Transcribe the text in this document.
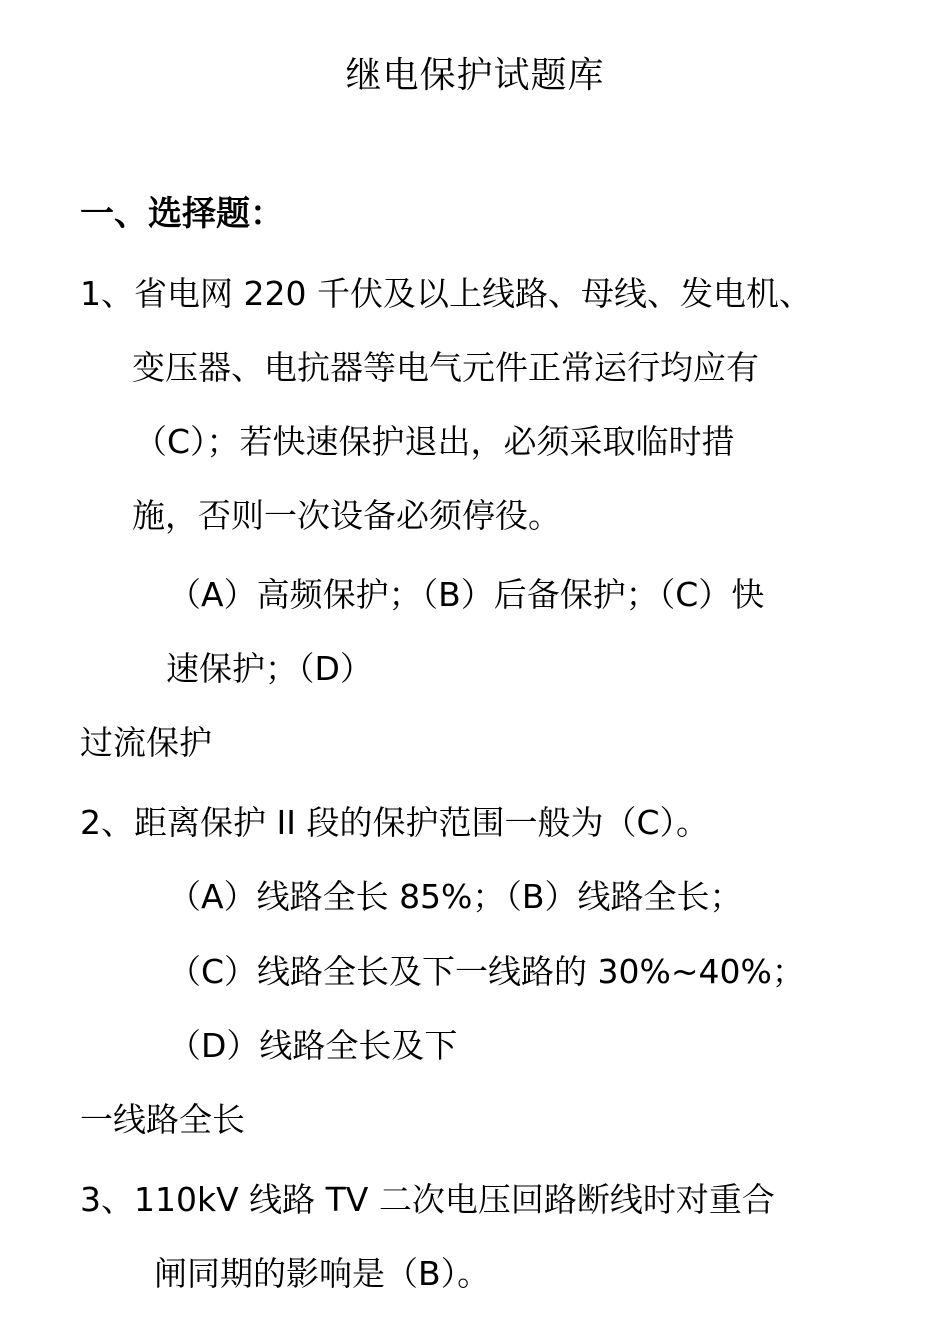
继电保护试题库
一、选择题：
1、省电网 220 千伏及以上线路、母线、发电机、
变压器、电抗器等电气元件正常运行均应有
（C）；若快速保护退出，必须采取临时措
施，否则一次设备必须停役。
（A）高频保护；（B）后备保护；（C）快
速保护；（D）
过流保护
2、距离保护 II 段的保护范围一般为（C）。
（A）线路全长 85%；（B）线路全长；
（C）线路全长及下一线路的 30%~40%；
（D）线路全长及下
一线路全长
3、110kV 线路 TV 二次电压回路断线时对重合
闸同期的影响是（B）。
